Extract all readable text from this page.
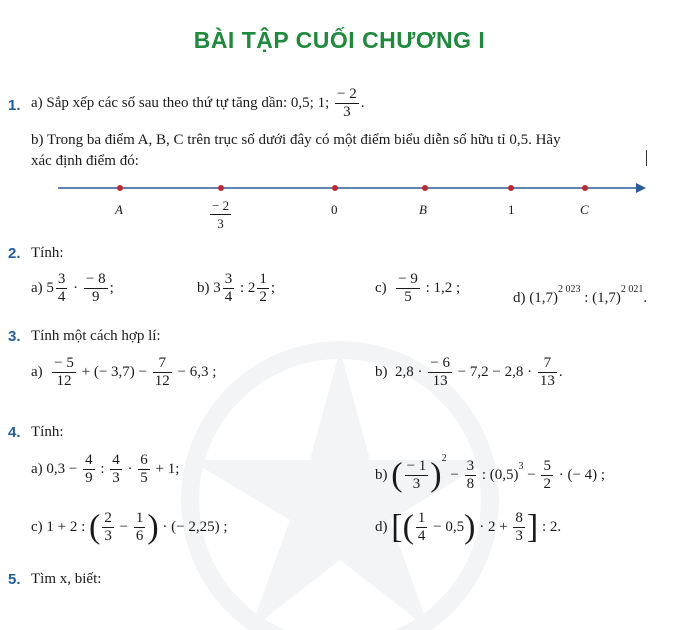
BÀI TẬP CUỐI CHƯƠNG I
1. a) Sắp xếp các số sau theo thứ tự tăng dần: 0,5; 1; $\frac{- 2}{3}$ .
b) Trong ba điểm A, B, C trên trục số dưới đây có một điểm biểu diễn số hữu tỉ 0,5. Hãy
xác định điểm đó:
A	$\frac{- 2}{3}$	0	B	1	C
2. Tính:
a) $5 \frac{3}{4} \cdot \frac{- 8}{9}$ ;	b) $3 \frac{3}{4}$ : $2 \frac{1}{2}$ ;	$c) \frac{- 9}{5}$ : 1,2 ;
d) $(1,7)^{2 023}$ : $(1,7)^{2 021}$.
3. Tính một cách hợp lí:
$a) \frac{- 5}{12}$ + (− $3,7) - \frac{7}{12} - 6,3$ ;	b) $2,8 \cdot \frac{- 6}{13} - 7,2 - 2,8 \cdot \frac{7}{13}$ .
4. Tính:
a) $0,3 - \frac{4}{9}$ : $\frac{4}{3} \cdot \frac{6}{5} + 1$;	b) ( $\frac{- 1}{3} )^2 - \frac{3}{8}$ : $(0,5)^3 - \frac{5}{2}$ · (− 4) ;
c) 1 + 2 : ( $\frac{2}{3} - \frac{1}{6}$ ) · (− 2,25) ;	d) [( $\frac{1}{4} - 0,5) \cdot 2 + \frac{8}{3}$ ] : 2.
5. Tìm x, biết:
